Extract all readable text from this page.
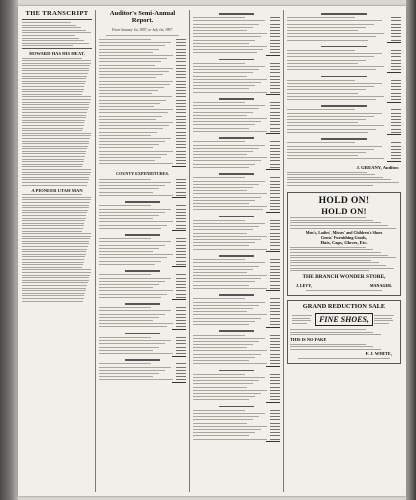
THE TRANSCRIPT
HOWARD HAS HIS HEAT.
A PIONEER UTAH MAN
Auditor's Semi-Annual Report.
From January 1st, 1897, to July 1st, 1897.
COUNTY EXPENDITURES.
J. GREANY, Auditor.
HOLD ON!
HOLD ON!
Men's, Ladies', Misses' and Children's Shoes
Gents' Furnishing Goods,
Hats, Caps, Gloves, Etc.
THE BRANCH WONDER STORE,
J. LEVY,	MANAGER.
GRAND REDUCTION SALE
FINE SHOES,
THIS IS NO FAKE
F. J. WHITE,
